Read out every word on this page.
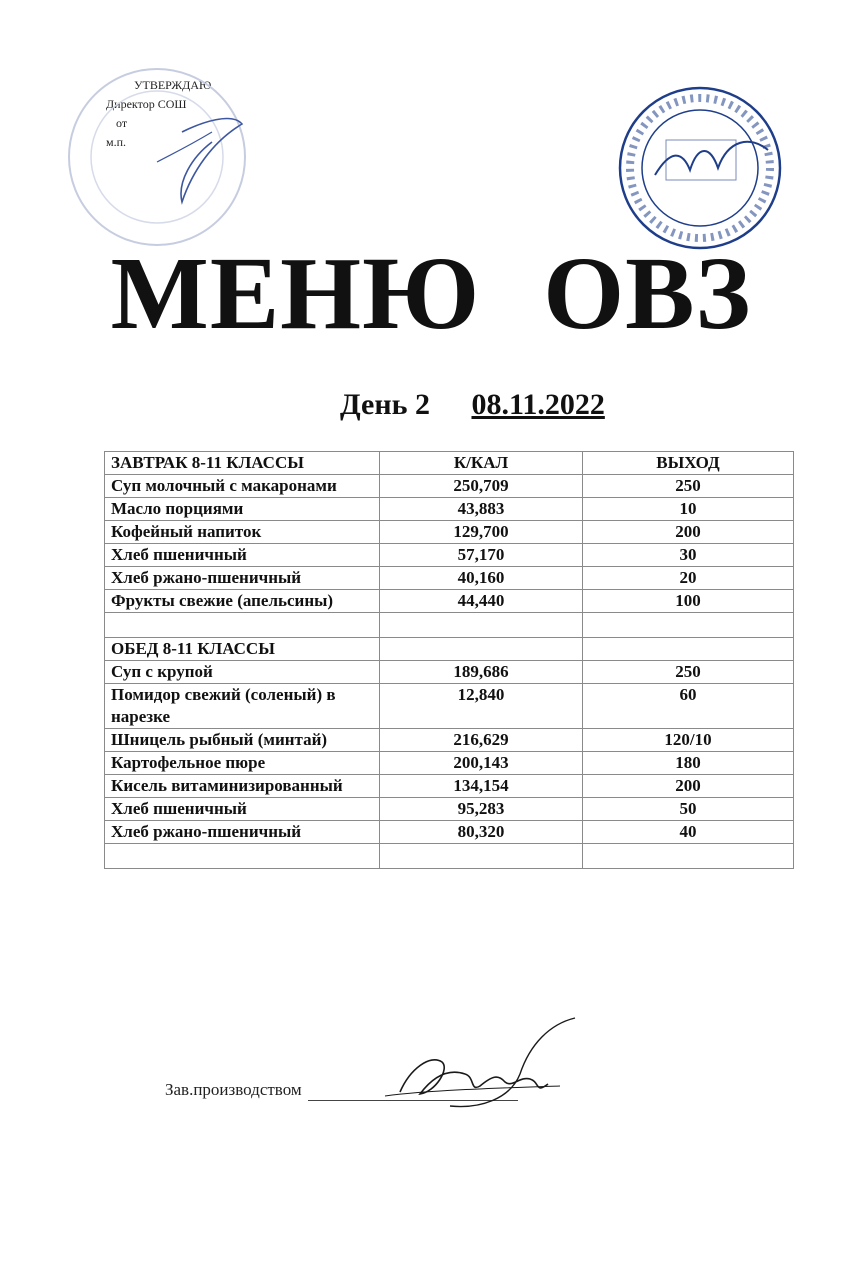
УТВЕРЖДАЮ
Директор СОШ
от
м.п.
МЕНЮ ОВЗ
День 2 08.11.2022
ЗАВТРАК 8-11 КЛАССЫ	К/КАЛ	ВЫХОД
Суп молочный с макаронами	250,709	250
Масло порциями	43,883	10
Кофейный напиток	129,700	200
Хлеб пшеничный	57,170	30
Хлеб ржано-пшеничный	40,160	20
Фрукты свежие (апельсины)	44,440	100

ОБЕД 8-11 КЛАССЫ		
Суп с крупой	189,686	250
Помидор свежий (соленый) в нарезке	12,840	60
Шницель рыбный (минтай)	216,629	120/10
Картофельное пюре	200,143	180
Кисель витаминизированный	134,154	200
Хлеб пшеничный	95,283	50
Хлеб ржано-пшеничный	80,320	40

Зав.производством
